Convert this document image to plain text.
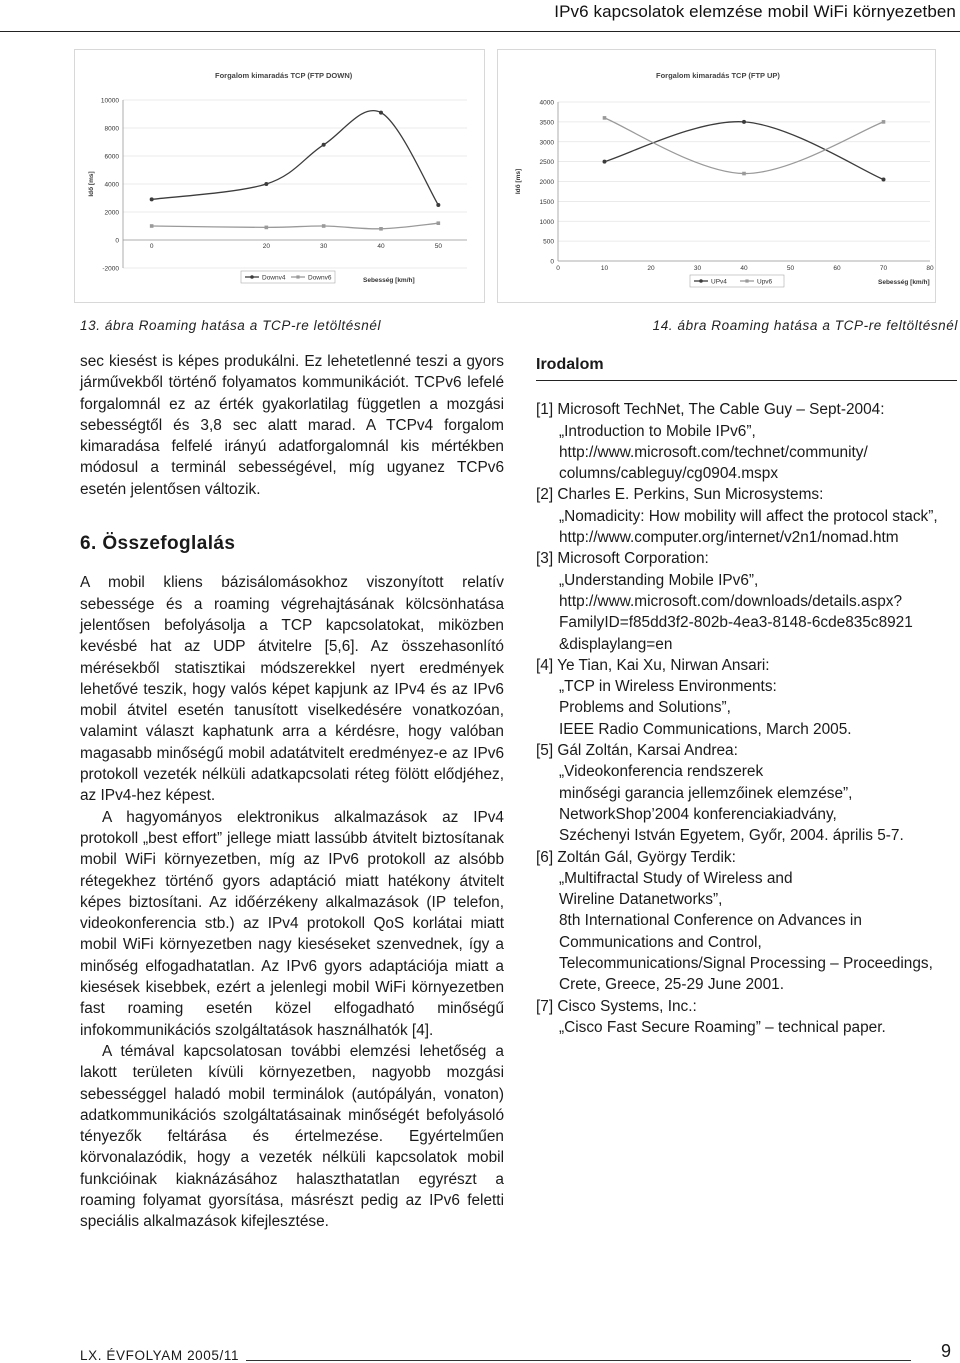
IPv6 kapcsolatok elemzése mobil WiFi környezetben
Forgalom kimaradás TCP (FTP DOWN)
10000
8000
6000
4000
2000
0
-2000
0	20	30	40	50
Idő [ms]
Sebesség [km/h]
Downv4	Downv6
Forgalom kimaradás TCP (FTP UP)
4000
3500
3000
2500
2000
1500
1000
500
0
0	10	20	30	40	50	60	70	80
Idő [ms]
Sebesség [km/h]
UPv4	Upv6
13. ábra Roaming hatása a TCP-re letöltésnél	14. ábra Roaming hatása a TCP-re feltöltésnél

sec kiesést is képes produkálni. Ez lehetetlenné teszi a gyors járművekből történő folyamatos kommunikációt. TCPv6 lefelé forgalomnál ez az érték gyakorlatilag független a mozgási sebességtől és 3,8 sec alatt marad. A TCPv4 forgalom kimaradása felfelé irányú adatforgalomnál kis mértékben módosul a terminál sebességével, míg ugyanez TCPv6 esetén jelentősen változik.

6. Összefoglalás

A mobil kliens bázisálomásokhoz viszonyított relatív sebessége és a roaming végrehajtásának kölcsönhatása jelentősen befolyásolja a TCP kapcsolatokat, miközben kevésbé hat az UDP átvitelre [5,6]. Az összehasonlító mérésekből statisztikai módszerekkel nyert eredmények lehetővé teszik, hogy valós képet kapjunk az IPv4 és az IPv6 mobil átvitel esetén tanusított viselkedésére vonatkozóan, valamint választ kaphatunk arra a kérdésre, hogy valóban magasabb minőségű mobil adatátvitelt eredményez-e az IPv6 protokoll vezeték nélküli adatkapcsolati réteg fölött elődjéhez, az IPv4-hez képest.

A hagyományos elektronikus alkalmazások az IPv4 protokoll „best effort” jellege miatt lassúbb átvitelt biztosítanak mobil WiFi környezetben, míg az IPv6 protokoll az alsóbb rétegekhez történő gyors adaptáció miatt hatékony átvitelt képes biztosítani. Az időérzékeny alkalmazások (IP telefon, videokonferencia stb.) az IPv4 protokoll QoS korlátai miatt mobil WiFi környezetben nagy kieséseket szenvednek, így a minőség elfogadhatatlan. Az IPv6 gyors adaptációja miatt a kiesések kisebbek, ezért a jelenlegi mobil WiFi környezetben fast roaming esetén közel elfogadható minőségű infokommunikációs szolgáltatások használhatók [4].

A témával kapcsolatosan további elemzési lehetőség a lakott területen kívüli környezetben, nagyobb mozgási sebességgel haladó mobil terminálok (autópályán, vonaton) adatkommunikációs szolgáltatásainak minőségét befolyásoló tényezők feltárása és értelmezése. Egyértelműen körvonalazódik, hogy a vezeték nélküli kapcsolatok mobil funkcióinak kiaknázásához halaszthatatlan egyrészt a roaming folyamat gyorsítása, másrészt pedig az IPv6 feletti speciális alkalmazások kifejlesztése.

Irodalom
[1] Microsoft TechNet, The Cable Guy – Sept-2004:
„Introduction to Mobile IPv6”,
http://www.microsoft.com/technet/community/
columns/cableguy/cg0904.mspx
[2] Charles E. Perkins, Sun Microsystems:
„Nomadicity: How mobility will affect the protocol stack”,
http://www.computer.org/internet/v2n1/nomad.htm
[3] Microsoft Corporation:
„Understanding Mobile IPv6”,
http://www.microsoft.com/downloads/details.aspx?
FamilyID=f85dd3f2-802b-4ea3-8148-6cde835c8921
&displaylang=en
[4] Ye Tian, Kai Xu, Nirwan Ansari:
„TCP in Wireless Environments:
Problems and Solutions”,
IEEE Radio Communications, March 2005.
[5] Gál Zoltán, Karsai Andrea:
„Videokonferencia rendszerek
minőségi garancia jellemzőinek elemzése”,
NetworkShop’2004 konferenciakiadvány,
Széchenyi István Egyetem, Győr, 2004. április 5-7.
[6] Zoltán Gál, György Terdik:
„Multifractal Study of Wireless and
Wireline Datanetworks”,
8th International Conference on Advances in
Communications and Control,
Telecommunications/Signal Processing – Proceedings,
Crete, Greece, 25-29 June 2001.
[7] Cisco Systems, Inc.:
„Cisco Fast Secure Roaming” – technical paper.
LX. ÉVFOLYAM 2005/11	9
